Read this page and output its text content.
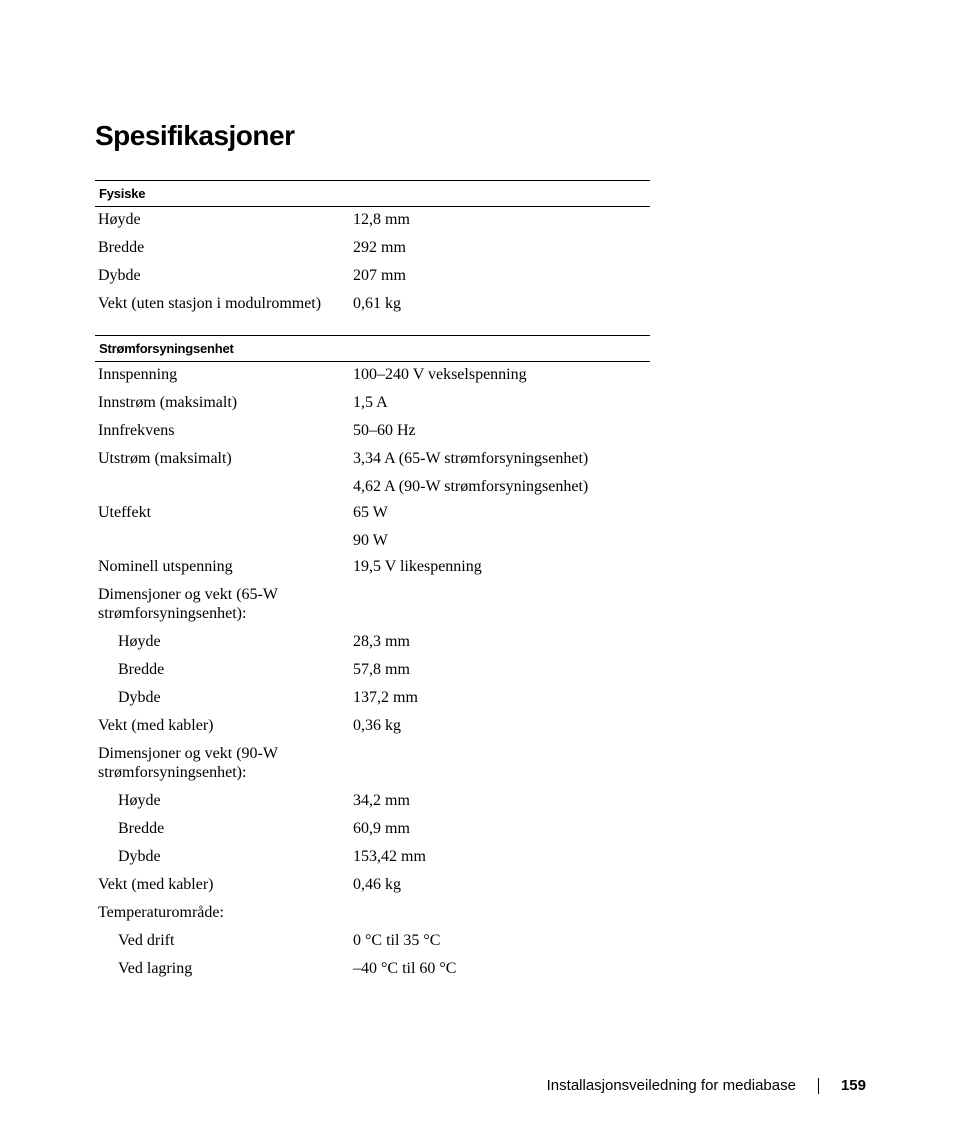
Spesifikasjoner
Fysiske
Høyde	12,8 mm
Bredde	292 mm
Dybde	207 mm
Vekt (uten stasjon i modulrommet)	0,61 kg
Strømforsyningsenhet
Innspenning	100–240 V vekselspenning
Innstrøm (maksimalt)	1,5 A
Innfrekvens	50–60 Hz
Utstrøm (maksimalt)	3,34 A (65-W strømforsyningsenhet)
4,62 A (90-W strømforsyningsenhet)
Uteffekt	65 W
90 W
Nominell utspenning	19,5 V likespenning
Dimensjoner og vekt (65-W strømforsyningsenhet):
Høyde	28,3 mm
Bredde	57,8 mm
Dybde	137,2 mm
Vekt (med kabler)	0,36 kg
Dimensjoner og vekt (90-W strømforsyningsenhet):
Høyde	34,2 mm
Bredde	60,9 mm
Dybde	153,42 mm
Vekt (med kabler)	0,46 kg
Temperaturområde:
Ved drift	0 °C til 35 °C
Ved lagring	–40 °C til 60 °C
Installasjonsveiledning for mediabase	159
